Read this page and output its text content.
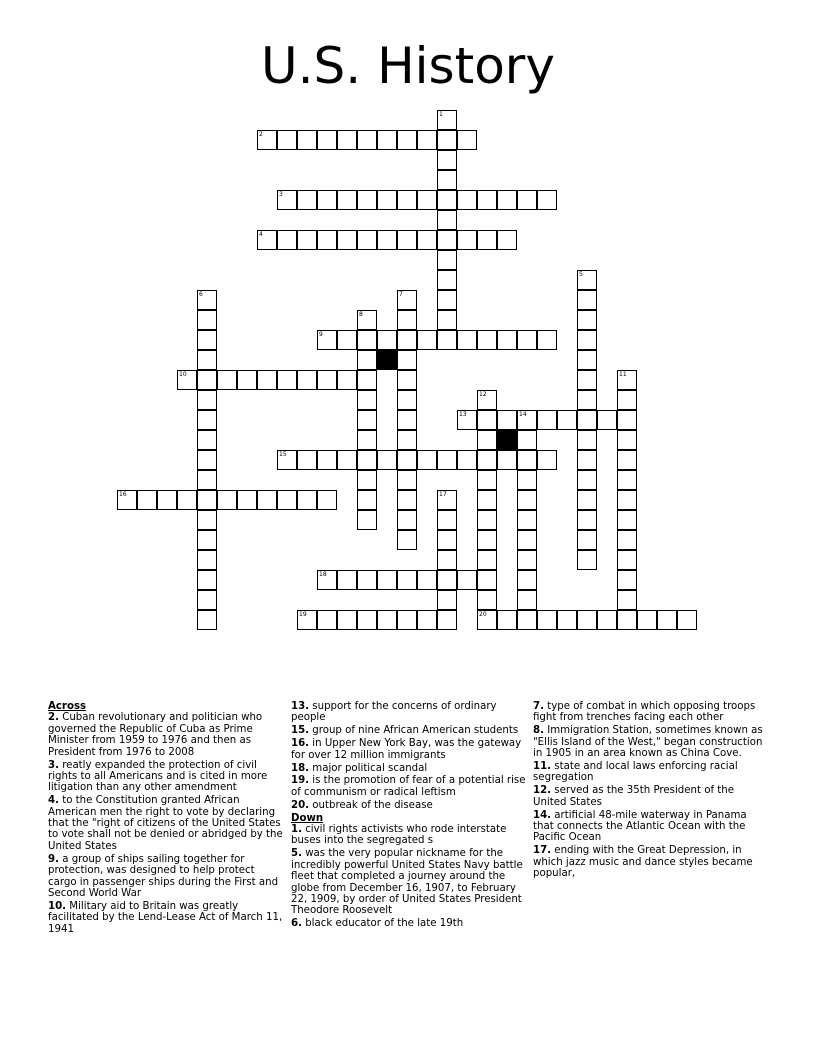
U.S. History
1
2
3
4
5
6	7
8
9
10	11
12
13	14
15
16	17
18
19	20
Across
2. Cuban revolutionary and politician who governed the Republic of Cuba as Prime Minister from 1959 to 1976 and then as President from 1976 to 2008
3. reatly expanded the protection of civil rights to all Americans and is cited in more litigation than any other amendment
4. to the Constitution granted African American men the right to vote by declaring that the "right of citizens of the United States to vote shall not be denied or abridged by the United States
9. a group of ships sailing together for protection, was designed to help protect cargo in passenger ships during the First and Second World War
10. Military aid to Britain was greatly facilitated by the Lend-Lease Act of March 11, 1941
13. support for the concerns of ordinary people
15. group of nine African American students
16. in Upper New York Bay, was the gateway for over 12 million immigrants
18. major political scandal
19. is the promotion of fear of a potential rise of communism or radical leftism
20. outbreak of the disease
Down
1. civil rights activists who rode interstate buses into the segregated s
5. was the very popular nickname for the incredibly powerful United States Navy battle fleet that completed a journey around the globe from December 16, 1907, to February 22, 1909, by order of United States President Theodore Roosevelt
6. black educator of the late 19th
7. type of combat in which opposing troops fight from trenches facing each other
8. Immigration Station, sometimes known as "Ellis Island of the West," began construction in 1905 in an area known as China Cove.
11. state and local laws enforcing racial segregation
12. served as the 35th President of the United States
14. artificial 48-mile waterway in Panama that connects the Atlantic Ocean with the Pacific Ocean
17. ending with the Great Depression, in which jazz music and dance styles became popular,
